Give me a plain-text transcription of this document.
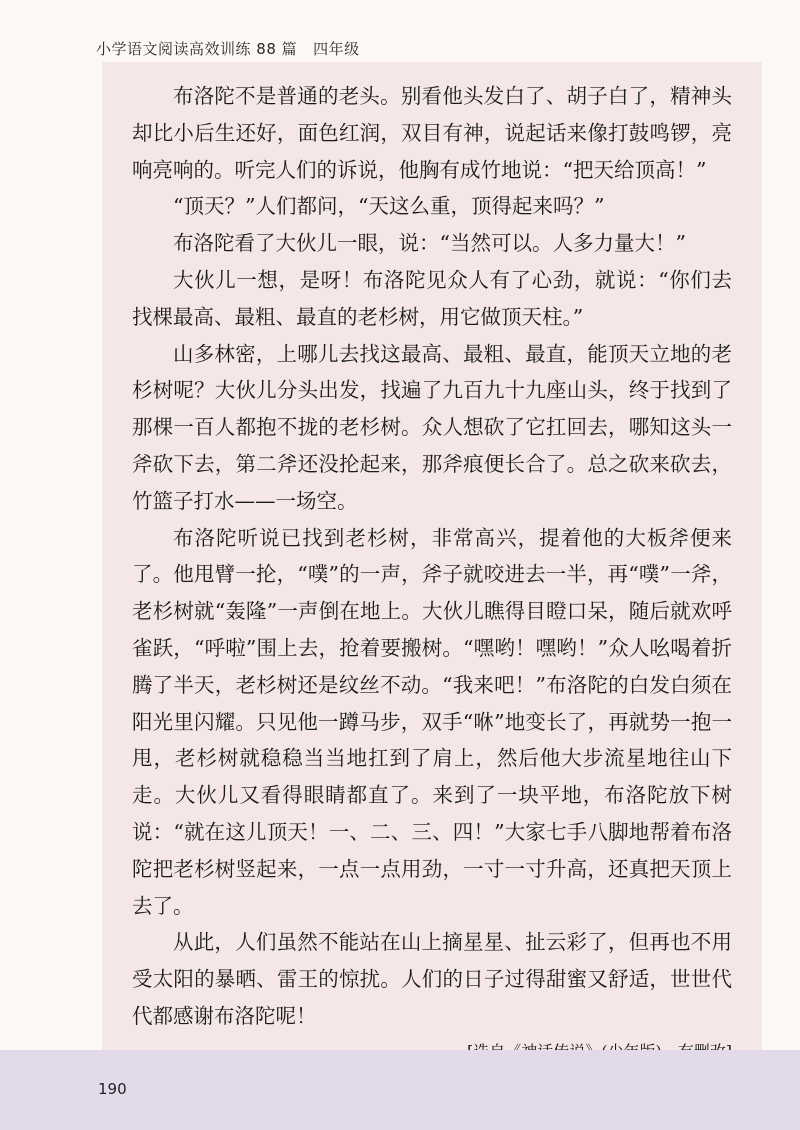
小学语文阅读高效训练 88 篇 四年级

布洛陀不是普通的老头。别看他头发白了、胡子白了，精神头却比小后生还好，面色红润，双目有神，说起话来像打鼓鸣锣，亮响亮响的。听完人们的诉说，他胸有成竹地说：“把天给顶高！”

“顶天？”人们都问，“天这么重，顶得起来吗？”

布洛陀看了大伙儿一眼，说：“当然可以。人多力量大！”

大伙儿一想，是呀！布洛陀见众人有了心劲，就说：“你们去找棵最高、最粗、最直的老杉树，用它做顶天柱。”

山多林密，上哪儿去找这最高、最粗、最直，能顶天立地的老杉树呢？大伙儿分头出发，找遍了九百九十九座山头，终于找到了那棵一百人都抱不拢的老杉树。众人想砍了它扛回去，哪知这头一斧砍下去，第二斧还没抡起来，那斧痕便长合了。总之砍来砍去，竹篮子打水——一场空。

布洛陀听说已找到老杉树，非常高兴，提着他的大板斧便来了。他甩臂一抡，“噗”的一声，斧子就咬进去一半，再“噗”一斧，老杉树就“轰隆”一声倒在地上。大伙儿瞧得目瞪口呆，随后就欢呼雀跃，“呼啦”围上去，抢着要搬树。“嘿哟！嘿哟！”众人吆喝着折腾了半天，老杉树还是纹丝不动。“我来吧！”布洛陀的白发白须在阳光里闪耀。只见他一蹲马步，双手“咻”地变长了，再就势一抱一甩，老杉树就稳稳当当地扛到了肩上，然后他大步流星地往山下走。大伙儿又看得眼睛都直了。来到了一块平地，布洛陀放下树说：“就在这儿顶天！一、二、三、四！”大家七手八脚地帮着布洛陀把老杉树竖起来，一点一点用劲，一寸一寸升高，还真把天顶上去了。

从此，人们虽然不能站在山上摘星星、扯云彩了，但再也不用受太阳的暴晒、雷王的惊扰。人们的日子过得甜蜜又舒适，世世代代都感谢布洛陀呢！

190
